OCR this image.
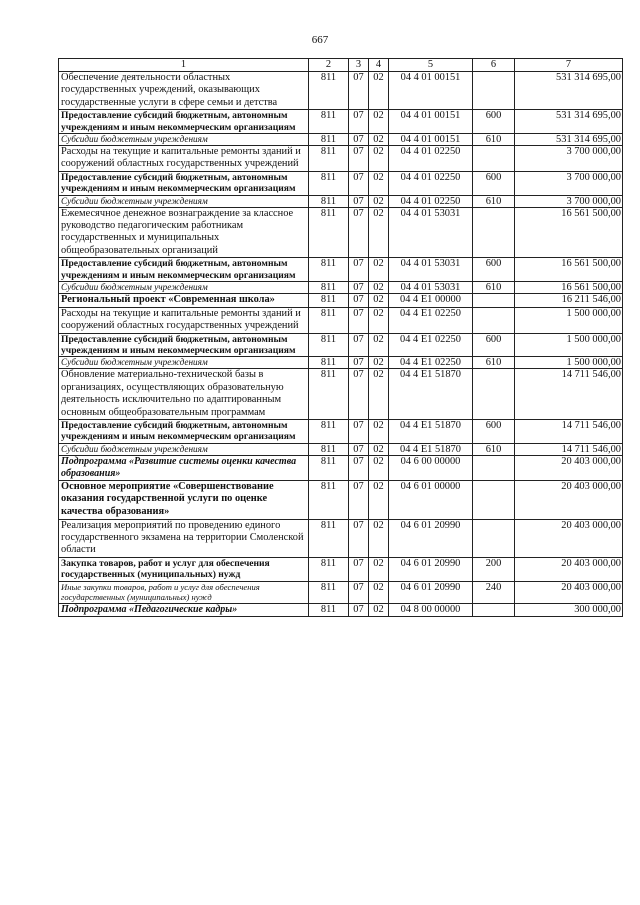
667
1	2	3	4	5	6	7
Обеспечение деятельности областных государственных учреждений, оказывающих государственные услуги в сфере семьи и детства	811	07	02	04 4 01 00151		531 314 695,00
Предоставление субсидий бюджетным, автономным учреждениям и иным некоммерческим организациям	811	07	02	04 4 01 00151	600	531 314 695,00
Субсидии бюджетным учреждениям	811	07	02	04 4 01 00151	610	531 314 695,00
Расходы на текущие и капитальные ремонты зданий и сооружений областных государственных учреждений	811	07	02	04 4 01 02250		3 700 000,00
Предоставление субсидий бюджетным, автономным учреждениям и иным некоммерческим организациям	811	07	02	04 4 01 02250	600	3 700 000,00
Субсидии бюджетным учреждениям	811	07	02	04 4 01 02250	610	3 700 000,00
Ежемесячное денежное вознаграждение за классное руководство педагогическим работникам государственных и муниципальных общеобразовательных организаций	811	07	02	04 4 01 53031		16 561 500,00
Предоставление субсидий бюджетным, автономным учреждениям и иным некоммерческим организациям	811	07	02	04 4 01 53031	600	16 561 500,00
Субсидии бюджетным учреждениям	811	07	02	04 4 01 53031	610	16 561 500,00
Региональный проект «Современная школа»	811	07	02	04 4 E1 00000		16 211 546,00
Расходы на текущие и капитальные ремонты зданий и сооружений областных государственных учреждений	811	07	02	04 4 E1 02250		1 500 000,00
Предоставление субсидий бюджетным, автономным учреждениям и иным некоммерческим организациям	811	07	02	04 4 E1 02250	600	1 500 000,00
Субсидии бюджетным учреждениям	811	07	02	04 4 E1 02250	610	1 500 000,00
Обновление материально-технической базы в организациях, осуществляющих образовательную деятельность исключительно по адаптированным основным общеобразовательным программам	811	07	02	04 4 E1 51870		14 711 546,00
Предоставление субсидий бюджетным, автономным учреждениям и иным некоммерческим организациям	811	07	02	04 4 E1 51870	600	14 711 546,00
Субсидии бюджетным учреждениям	811	07	02	04 4 E1 51870	610	14 711 546,00
Подпрограмма «Развитие системы оценки качества образования»	811	07	02	04 6 00 00000		20 403 000,00
Основное мероприятие «Совершенствование оказания государственной услуги по оценке качества образования»	811	07	02	04 6 01 00000		20 403 000,00
Реализация мероприятий по проведению единого государственного экзамена на территории Смоленской области	811	07	02	04 6 01 20990		20 403 000,00
Закупка товаров, работ и услуг для обеспечения государственных (муниципальных) нужд	811	07	02	04 6 01 20990	200	20 403 000,00
Иные закупки товаров, работ и услуг для обеспечения государственных (муниципальных) нужд	811	07	02	04 6 01 20990	240	20 403 000,00
Подпрограмма «Педагогические кадры»	811	07	02	04 8 00 00000		300 000,00
